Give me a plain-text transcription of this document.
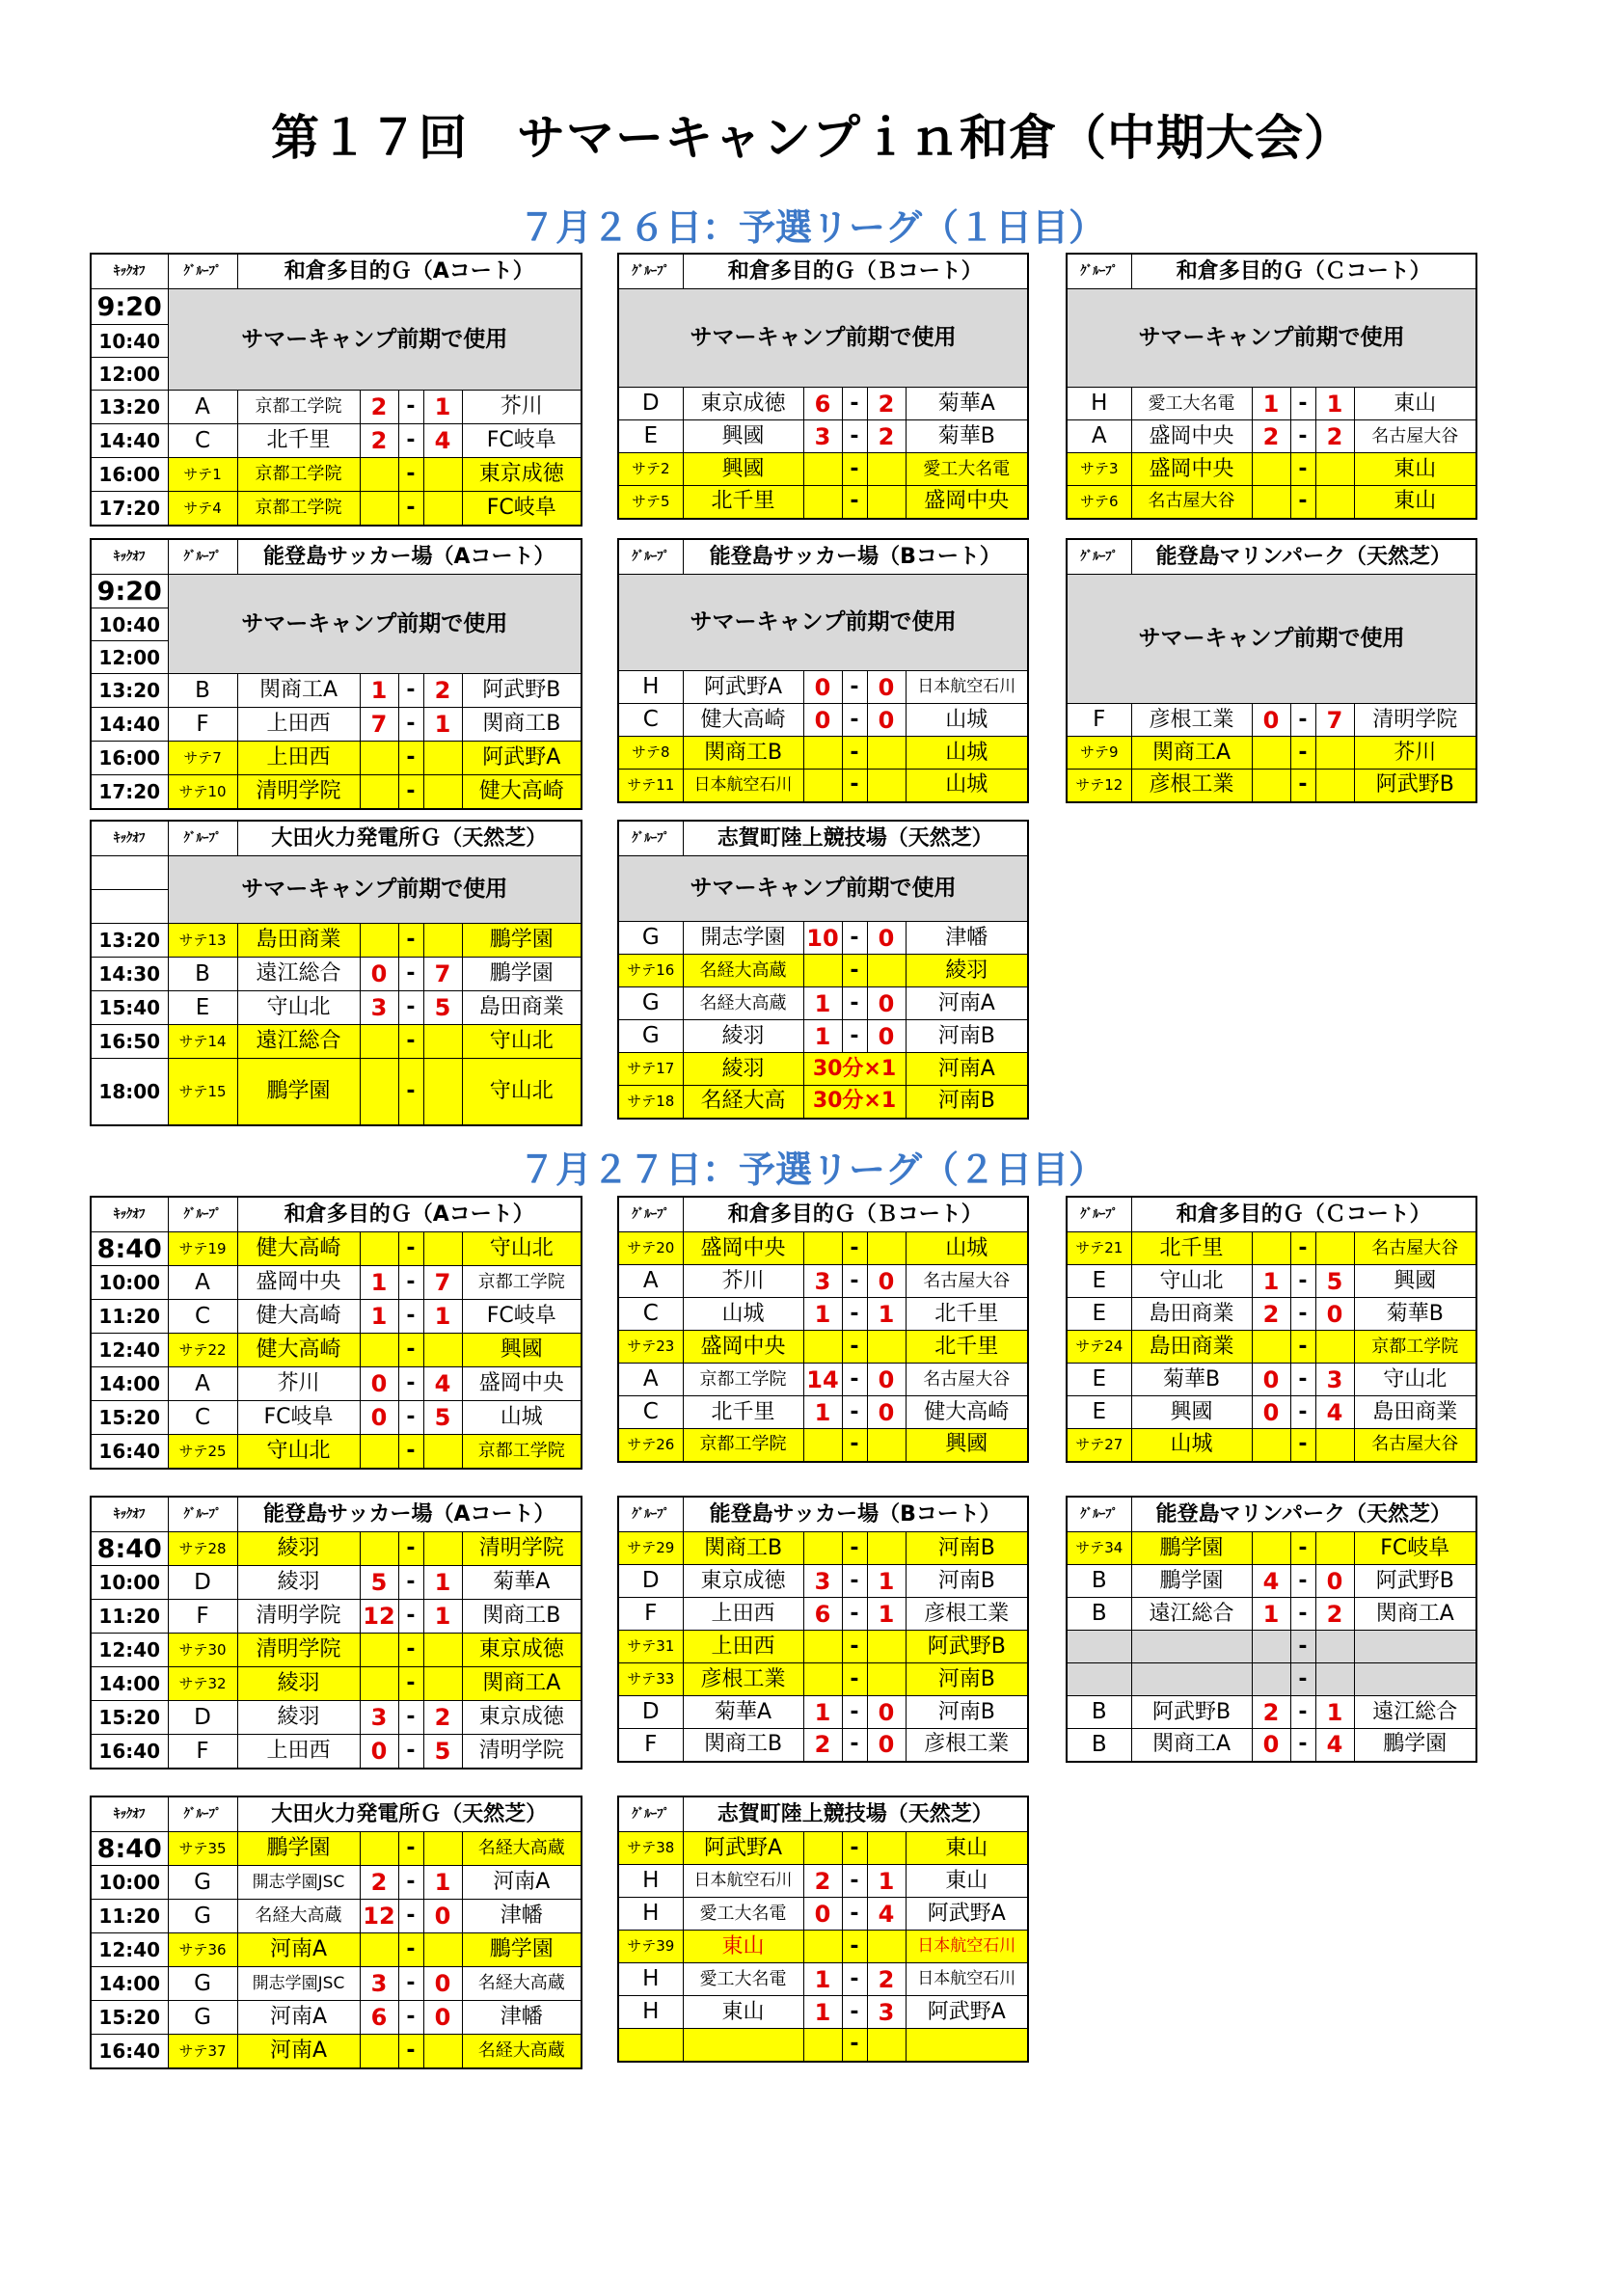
第１７回　サマーキャンプｉｎ和倉（中期大会）
７月２６日：予選リーグ（１日目）
７月２７日：予選リーグ（２日目）
ｷｯｸｵﾌ	ｸﾞﾙｰﾌﾟ	和倉多目的Ｇ（Aコート）				
9:20	サマーキャンプ前期で使用					
10:40						
12:00						
13:20	A	京都工学院	2	-	1	芥川
14:40	C	北千里	2	-	4	FC岐阜
16:00	サテ1	京都工学院		-		東京成徳
17:20	サテ4	京都工学院		-		FC岐阜
ｸﾞﾙｰﾌﾟ	和倉多目的Ｇ（Ｂコート）				
サマーキャンプ前期で使用					

D	東京成徳	6	-	2	菊華A
E	興國	3	-	2	菊華B
サテ2	興國		-		愛工大名電
サテ5	北千里		-		盛岡中央
ｸﾞﾙｰﾌﾟ	和倉多目的Ｇ（Ｃコート）				
サマーキャンプ前期で使用					

H	愛工大名電	1	-	1	東山
A	盛岡中央	2	-	2	名古屋大谷
サテ3	盛岡中央		-		東山
サテ6	名古屋大谷		-		東山
ｷｯｸｵﾌ	ｸﾞﾙｰﾌﾟ	能登島サッカー場（Aコート）				
9:20	サマーキャンプ前期で使用					
10:40						
12:00						
13:20	B	関商工A	1	-	2	阿武野B
14:40	F	上田西	7	-	1	関商工B
16:00	サテ7	上田西		-		阿武野A
17:20	サテ10	清明学院		-		健大高崎
ｸﾞﾙｰﾌﾟ	能登島サッカー場（Bコート）				
サマーキャンプ前期で使用					

H	阿武野A	0	-	0	日本航空石川
C	健大高崎	0	-	0	山城
サテ8	関商工B		-		山城
サテ11	日本航空石川		-		山城
ｸﾞﾙｰﾌﾟ	能登島マリンパーク（天然芝）				
サマーキャンプ前期で使用					

F	彦根工業	0	-	7	清明学院
サテ9	関商工A		-		芥川
サテ12	彦根工業		-		阿武野B
ｷｯｸｵﾌ	ｸﾞﾙｰﾌﾟ	大田火力発電所Ｇ（天然芝）				
	サマーキャンプ前期で使用					

13:20	サテ13	島田商業		-		鵬学園
14:30	B	遠江総合	0	-	7	鵬学園
15:40	E	守山北	3	-	5	島田商業
16:50	サテ14	遠江総合		-		守山北
18:00	サテ15	鵬学園		-		守山北
ｸﾞﾙｰﾌﾟ	志賀町陸上競技場（天然芝）				
サマーキャンプ前期で使用					

G	開志学園	10	-	0	津幡
サテ16	名経大高蔵		-		綾羽
G	名経大高蔵	1	-	0	河南A
G	綾羽	1	-	0	河南B
サテ17	綾羽	30分×1			河南A
サテ18	名経大高	30分×1			河南B
ｷｯｸｵﾌ	ｸﾞﾙｰﾌﾟ	和倉多目的Ｇ（Aコート）				
8:40	サテ19	健大高崎		-		守山北
10:00	A	盛岡中央	1	-	7	京都工学院
11:20	C	健大高崎	1	-	1	FC岐阜
12:40	サテ22	健大高崎		-		興國
14:00	A	芥川	0	-	4	盛岡中央
15:20	C	FC岐阜	0	-	5	山城
16:40	サテ25	守山北		-		京都工学院
ｸﾞﾙｰﾌﾟ	和倉多目的Ｇ（Ｂコート）				
サテ20	盛岡中央		-		山城
A	芥川	3	-	0	名古屋大谷
C	山城	1	-	1	北千里
サテ23	盛岡中央		-		北千里
A	京都工学院	14	-	0	名古屋大谷
C	北千里	1	-	0	健大高崎
サテ26	京都工学院		-		興國
ｸﾞﾙｰﾌﾟ	和倉多目的Ｇ（Ｃコート）				
サテ21	北千里		-		名古屋大谷
E	守山北	1	-	5	興國
E	島田商業	2	-	0	菊華B
サテ24	島田商業		-		京都工学院
E	菊華B	0	-	3	守山北
E	興國	0	-	4	島田商業
サテ27	山城		-		名古屋大谷
ｷｯｸｵﾌ	ｸﾞﾙｰﾌﾟ	能登島サッカー場（Aコート）				
8:40	サテ28	綾羽		-		清明学院
10:00	D	綾羽	5	-	1	菊華A
11:20	F	清明学院	12	-	1	関商工B
12:40	サテ30	清明学院		-		東京成徳
14:00	サテ32	綾羽		-		関商工A
15:20	D	綾羽	3	-	2	東京成徳
16:40	F	上田西	0	-	5	清明学院
ｸﾞﾙｰﾌﾟ	能登島サッカー場（Bコート）				
サテ29	関商工B		-		河南B
D	東京成徳	3	-	1	河南B
F	上田西	6	-	1	彦根工業
サテ31	上田西		-		阿武野B
サテ33	彦根工業		-		河南B
D	菊華A	1	-	0	河南B
F	関商工B	2	-	0	彦根工業
ｸﾞﾙｰﾌﾟ	能登島マリンパーク（天然芝）				
サテ34	鵬学園		-		FC岐阜
B	鵬学園	4	-	0	阿武野B
B	遠江総合	1	-	2	関商工A
			-		
			-		
B	阿武野B	2	-	1	遠江総合
B	関商工A	0	-	4	鵬学園
ｷｯｸｵﾌ	ｸﾞﾙｰﾌﾟ	大田火力発電所Ｇ（天然芝）				
8:40	サテ35	鵬学園		-		名経大高蔵
10:00	G	開志学園JSC	2	-	1	河南A
11:20	G	名経大高蔵	12	-	0	津幡
12:40	サテ36	河南A		-		鵬学園
14:00	G	開志学園JSC	3	-	0	名経大高蔵
15:20	G	河南A	6	-	0	津幡
16:40	サテ37	河南A		-		名経大高蔵
ｸﾞﾙｰﾌﾟ	志賀町陸上競技場（天然芝）				
サテ38	阿武野A		-		東山
H	日本航空石川	2	-	1	東山
H	愛工大名電	0	-	4	阿武野A
サテ39	東山		-		日本航空石川
H	愛工大名電	1	-	2	日本航空石川
H	東山	1	-	3	阿武野A
			-		
